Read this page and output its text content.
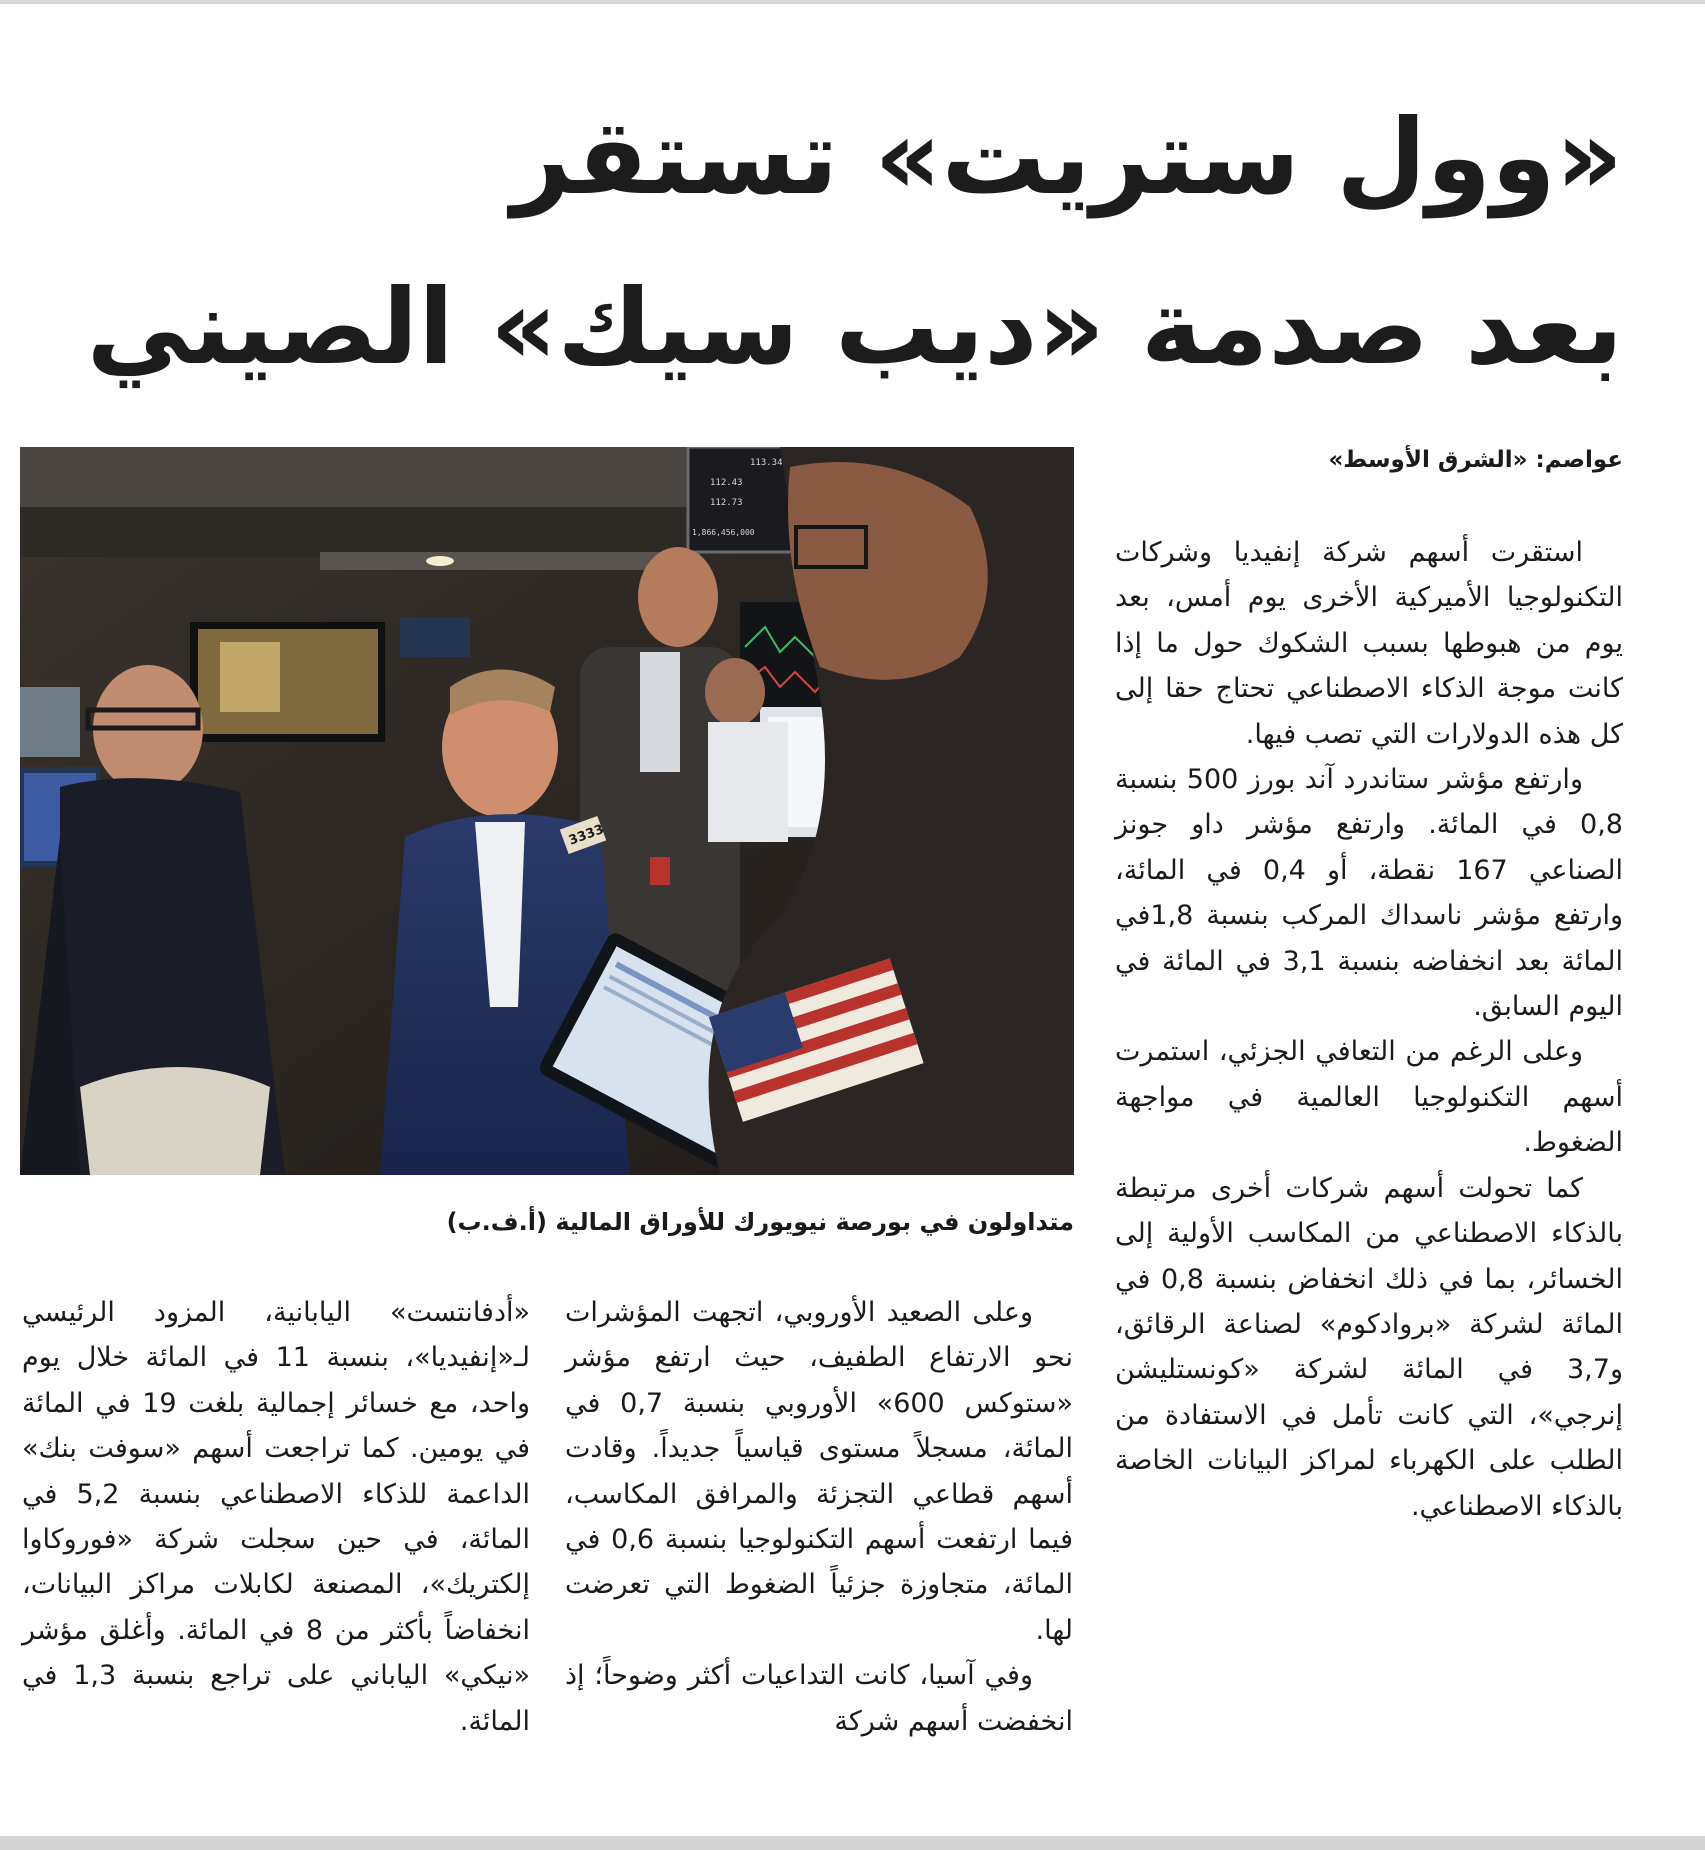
«وول ستريت» تستقر
بعد صدمة «ديب سيك» الصيني
عواصم: «الشرق الأوسط»

استقرت أسهم شركة إنفيديا وشركات التكنولوجيا الأميركية الأخرى يوم أمس، بعد يوم من هبوطها بسبب الشكوك حول ما إذا كانت موجة الذكاء الاصطناعي تحتاج حقا إلى كل هذه الدولارات التي تصب فيها.

وارتفع مؤشر ستاندرد آند بورز 500 بنسبة 0,8 في المائة. وارتفع مؤشر داو جونز الصناعي 167 نقطة، أو 0,4 في المائة، وارتفع مؤشر ناسداك المركب بنسبة 1,8في المائة بعد انخفاضه بنسبة 3,1 في المائة في اليوم السابق.

وعلى الرغم من التعافي الجزئي، استمرت أسهم التكنولوجيا العالمية في مواجهة الضغوط.

كما تحولت أسهم شركات أخرى مرتبطة بالذكاء الاصطناعي من المكاسب الأولية إلى الخسائر، بما في ذلك انخفاض بنسبة 0,8 في المائة لشركة «بروادكوم» لصناعة الرقائق، و3,7 في المائة لشركة «كونستليشن إنرجي»، التي كانت تأمل في الاستفادة من الطلب على الكهرباء لمراكز البيانات الخاصة بالذكاء الاصطناعي.

113.34
112.43
112.73
1,866,456,000
3333
متداولون في بورصة نيويورك للأوراق المالية (أ.ف.ب)

وعلى الصعيد الأوروبي، اتجهت المؤشرات نحو الارتفاع الطفيف، حيث ارتفع مؤشر «ستوكس 600» الأوروبي بنسبة 0,7 في المائة، مسجلاً مستوى قياسياً جديداً. وقادت أسهم قطاعي التجزئة والمرافق المكاسب، فيما ارتفعت أسهم التكنولوجيا بنسبة 0,6 في المائة، متجاوزة جزئياً الضغوط التي تعرضت لها.

وفي آسيا، كانت التداعيات أكثر وضوحاً؛ إذ انخفضت أسهم شركة

«أدفانتست» اليابانية، المزود الرئيسي لـ«إنفيديا»، بنسبة 11 في المائة خلال يوم واحد، مع خسائر إجمالية بلغت 19 في المائة في يومين. كما تراجعت أسهم «سوفت بنك» الداعمة للذكاء الاصطناعي بنسبة 5,2 في المائة، في حين سجلت شركة «فوروكاوا إلكتريك»، المصنعة لكابلات مراكز البيانات، انخفاضاً بأكثر من 8 في المائة. وأغلق مؤشر «نيكي» الياباني على تراجع بنسبة 1,3 في المائة.
